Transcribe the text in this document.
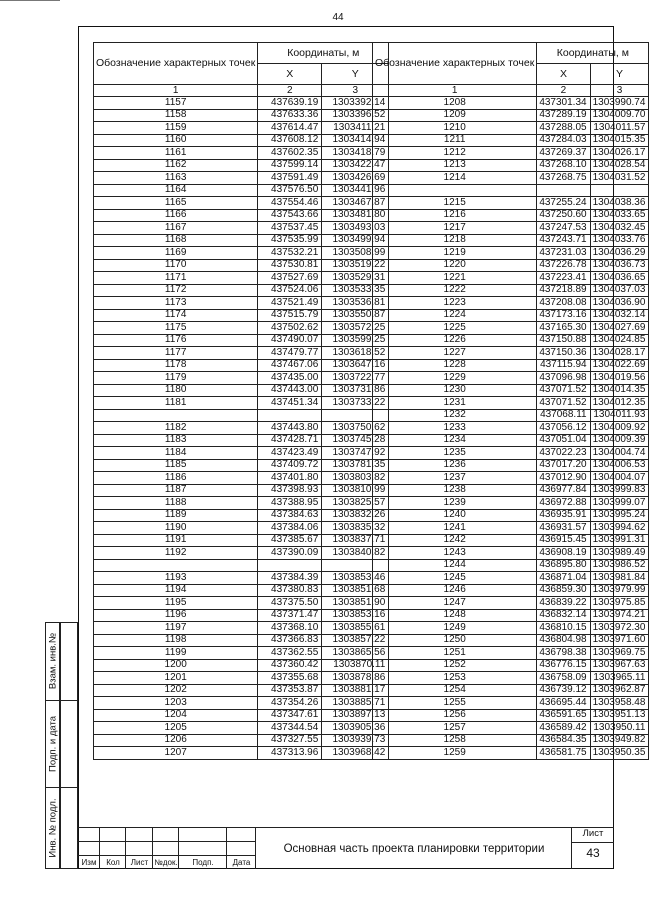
44
Обозначение характерных точек	Координаты, м	
	X	Y
1	2	3
1157	437639.19	1303392.14
1158	437633.36	1303396.52
1159	437614.47	1303411.21
1160	437608.12	1303414.94
1161	437602.35	1303418.79
1162	437599.14	1303422.47
1163	437591.49	1303426.69
1164	437576.50	1303441.96
1165	437554.46	1303467.87
1166	437543.66	1303481.80
1167	437537.45	1303493.03
1168	437535.99	1303499.94
1169	437532.21	1303508.99
1170	437530.81	1303519.22
1171	437527.69	1303529.31
1172	437524.06	1303533.35
1173	437521.49	1303536.81
1174	437515.79	1303550.87
1175	437502.62	1303572.25
1176	437490.07	1303599.25
1177	437479.77	1303618.52
1178	437467.06	1303647.16
1179	437435.00	1303722.77
1180	437443.00	1303731.86
1181	437451.34	1303733.22

1182	437443.80	1303750.62
1183	437428.71	1303745.28
1184	437423.49	1303747.92
1185	437409.72	1303781.35
1186	437401.80	1303803.82
1187	437398.93	1303810.99
1188	437388.95	1303825.57
1189	437384.63	1303832.26
1190	437384.06	1303835.32
1191	437385.67	1303837.71
1192	437390.09	1303840.82

1193	437384.39	1303853.46
1194	437380.83	1303851.68
1195	437375.50	1303851.90
1196	437371.47	1303853.16
1197	437368.10	1303855.61
1198	437366.83	1303857.22
1199	437362.55	1303865.56
1200	437360.42	1303870.11
1201	437355.68	1303878.86
1202	437353.87	1303881.17
1203	437354.26	1303885.71
1204	437347.61	1303897.13
1205	437344.54	1303905.36
1206	437327.55	1303939.73
1207	437313.96	1303968.42
Обозначение характерных точек	Координаты, м	
	X	Y
1	2	3
1208	437301.34	1303990.74
1209	437289.19	1304009.70
1210	437288.05	1304011.57
1211	437284.03	1304015.35
1212	437269.37	1304026.17
1213	437268.10	1304028.54
1214	437268.75	1304031.52

1215	437255.24	1304038.36
1216	437250.60	1304033.65
1217	437247.53	1304032.45
1218	437243.71	1304033.76
1219	437231.03	1304036.29
1220	437226.78	1304036.73
1221	437223.41	1304036.65
1222	437218.89	1304037.03
1223	437208.08	1304036.90
1224	437173.16	1304032.14
1225	437165.30	1304027.69
1226	437150.88	1304024.85
1227	437150.36	1304028.17
1228	437115.94	1304022.69
1229	437096.98	1304019.56
1230	437071.52	1304014.35
1231	437071.52	1304012.35
1232	437068.11	1304011.93
1233	437056.12	1304009.92
1234	437051.04	1304009.39
1235	437022.23	1304004.74
1236	437017.20	1304006.53
1237	437012.90	1304004.07
1238	436977.84	1303999.83
1239	436972.88	1303999.07
1240	436935.91	1303995.24
1241	436931.57	1303994.62
1242	436915.45	1303991.31
1243	436908.19	1303989.49
1244	436895.80	1303986.52
1245	436871.04	1303981.84
1246	436859.30	1303979.99
1247	436839.22	1303975.85
1248	436832.14	1303974.21
1249	436810.15	1303972.30
1250	436804.98	1303971.60
1251	436798.38	1303969.75
1252	436776.15	1303967.63
1253	436758.09	1303965.11
1254	436739.12	1303962.87
1255	436695.44	1303958.48
1256	436591.65	1303951.13
1257	436589.42	1303950.11
1258	436584.35	1303949.82
1259	436581.75	1303950.35
Взам. инв.№
Подп. и дата
Инв. № подл.
Изм	Кол	Лист №док.	Подп.	Дата
Основная часть проекта планировки территории
Лист
43
